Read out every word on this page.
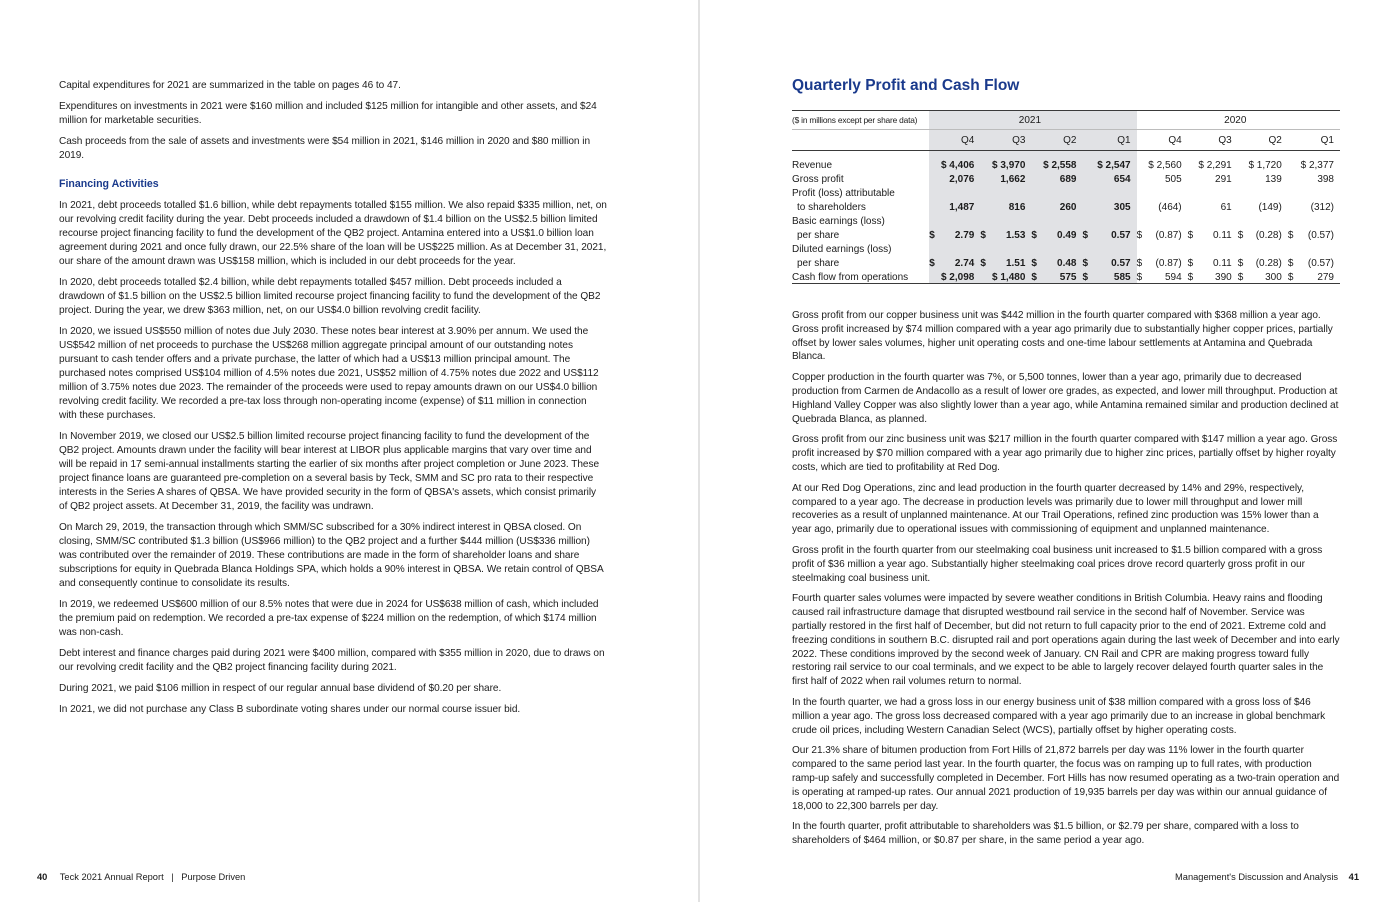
Capital expenditures for 2021 are summarized in the table on pages 46 to 47.

Expenditures on investments in 2021 were $160 million and included $125 million for intangible and other assets, and $24 million for marketable securities.

Cash proceeds from the sale of assets and investments were $54 million in 2021, $146 million in 2020 and $80 million in 2019.

Financing Activities

In 2021, debt proceeds totalled $1.6 billion, while debt repayments totalled $155 million. We also repaid $335 million, net, on our revolving credit facility during the year. Debt proceeds included a drawdown of $1.4 billion on the US$2.5 billion limited recourse project financing facility to fund the development of the QB2 project. Antamina entered into a US$1.0 billion loan agreement during 2021 and once fully drawn, our 22.5% share of the loan will be US$225 million. As at December 31, 2021, our share of the amount drawn was US$158 million, which is included in our debt proceeds for the year.

In 2020, debt proceeds totalled $2.4 billion, while debt repayments totalled $457 million. Debt proceeds included a drawdown of $1.5 billion on the US$2.5 billion limited recourse project financing facility to fund the development of the QB2 project. During the year, we drew $363 million, net, on our US$4.0 billion revolving credit facility.

In 2020, we issued US$550 million of notes due July 2030. These notes bear interest at 3.90% per annum. We used the US$542 million of net proceeds to purchase the US$268 million aggregate principal amount of our outstanding notes pursuant to cash tender offers and a private purchase, the latter of which had a US$13 million principal amount. The purchased notes comprised US$104 million of 4.5% notes due 2021, US$52 million of 4.75% notes due 2022 and US$112 million of 3.75% notes due 2023. The remainder of the proceeds were used to repay amounts drawn on our US$4.0 billion revolving credit facility. We recorded a pre-tax loss through non-operating income (expense) of $11 million in connection with these purchases.

In November 2019, we closed our US$2.5 billion limited recourse project financing facility to fund the development of the QB2 project. Amounts drawn under the facility will bear interest at LIBOR plus applicable margins that vary over time and will be repaid in 17 semi-annual installments starting the earlier of six months after project completion or June 2023. These project finance loans are guaranteed pre-completion on a several basis by Teck, SMM and SC pro rata to their respective interests in the Series A shares of QBSA. We have provided security in the form of QBSA's assets, which consist primarily of QB2 project assets. At December 31, 2019, the facility was undrawn.

On March 29, 2019, the transaction through which SMM/SC subscribed for a 30% indirect interest in QBSA closed. On closing, SMM/SC contributed $1.3 billion (US$966 million) to the QB2 project and a further $444 million (US$336 million) was contributed over the remainder of 2019. These contributions are made in the form of shareholder loans and share subscriptions for equity in Quebrada Blanca Holdings SPA, which holds a 90% interest in QBSA. We retain control of QBSA and consequently continue to consolidate its results.

In 2019, we redeemed US$600 million of our 8.5% notes that were due in 2024 for US$638 million of cash, which included the premium paid on redemption. We recorded a pre-tax expense of $224 million on the redemption, of which $174 million was non-cash.

Debt interest and finance charges paid during 2021 were $400 million, compared with $355 million in 2020, due to draws on our revolving credit facility and the QB2 project financing facility during 2021.

During 2021, we paid $106 million in respect of our regular annual base dividend of $0.20 per share.

In 2021, we did not purchase any Class B subordinate voting shares under our normal course issuer bid.

40 Teck 2021 Annual Report | Purpose Driven
Quarterly Profit and Cash Flow
($ in millions except per share data)	2021				2020			
	Q4	Q3	Q2	Q1	Q4	Q3	Q2	Q1

Revenue	$ 4,406	$ 3,970	$ 2,558	$ 2,547	$ 2,560	$ 2,291	$ 1,720	$ 2,377
Gross profit	2,076	1,662	689	654	505	291	139	398
Profit (loss) attributable								
to shareholders	1,487	816	260	305	(464)	61	(149)	(312)
Basic earnings (loss)								
per share	$ 2.79	$ 1.53	$ 0.49	$ 0.57	$ (0.87)	$ 0.11	$ (0.28)	$ (0.57)

Diluted earnings (loss)								
per share	$ 2.74	$ 1.51	$ 0.48	$ 0.57	$ (0.87)	$ 0.11	$ (0.28)	$ (0.57)

Cash flow from operations	$ 2,098	$ 1,480	$ 575	$ 585	$ 594	$ 390	$ 300	$ 279

Gross profit from our copper business unit was $442 million in the fourth quarter compared with $368 million a year ago. Gross profit increased by $74 million compared with a year ago primarily due to substantially higher copper prices, partially offset by lower sales volumes, higher unit operating costs and one-time labour settlements at Antamina and Quebrada Blanca.

Copper production in the fourth quarter was 7%, or 5,500 tonnes, lower than a year ago, primarily due to decreased production from Carmen de Andacollo as a result of lower ore grades, as expected, and lower mill throughput. Production at Highland Valley Copper was also slightly lower than a year ago, while Antamina remained similar and production declined at Quebrada Blanca, as planned.

Gross profit from our zinc business unit was $217 million in the fourth quarter compared with $147 million a year ago. Gross profit increased by $70 million compared with a year ago primarily due to higher zinc prices, partially offset by higher royalty costs, which are tied to profitability at Red Dog.

At our Red Dog Operations, zinc and lead production in the fourth quarter decreased by 14% and 29%, respectively, compared to a year ago. The decrease in production levels was primarily due to lower mill throughput and lower mill recoveries as a result of unplanned maintenance. At our Trail Operations, refined zinc production was 15% lower than a year ago, primarily due to operational issues with commissioning of equipment and unplanned maintenance.

Gross profit in the fourth quarter from our steelmaking coal business unit increased to $1.5 billion compared with a gross profit of $36 million a year ago. Substantially higher steelmaking coal prices drove record quarterly gross profit in our steelmaking coal business unit.

Fourth quarter sales volumes were impacted by severe weather conditions in British Columbia. Heavy rains and flooding caused rail infrastructure damage that disrupted westbound rail service in the second half of November. Service was partially restored in the first half of December, but did not return to full capacity prior to the end of 2021. Extreme cold and freezing conditions in southern B.C. disrupted rail and port operations again during the last week of December and into early 2022. These conditions improved by the second week of January. CN Rail and CPR are making progress toward fully restoring rail service to our coal terminals, and we expect to be able to largely recover delayed fourth quarter sales in the first half of 2022 when rail volumes return to normal.

In the fourth quarter, we had a gross loss in our energy business unit of $38 million compared with a gross loss of $46 million a year ago. The gross loss decreased compared with a year ago primarily due to an increase in global benchmark crude oil prices, including Western Canadian Select (WCS), partially offset by higher operating costs.

Our 21.3% share of bitumen production from Fort Hills of 21,872 barrels per day was 11% lower in the fourth quarter compared to the same period last year. In the fourth quarter, the focus was on ramping up to full rates, with production ramp-up safely and successfully completed in December. Fort Hills has now resumed operating as a two-train operation and is operating at ramped-up rates. Our annual 2021 production of 19,935 barrels per day was within our annual guidance of 18,000 to 22,300 barrels per day.

In the fourth quarter, profit attributable to shareholders was $1.5 billion, or $2.79 per share, compared with a loss to shareholders of $464 million, or $0.87 per share, in the same period a year ago.

Management's Discussion and Analysis 41
